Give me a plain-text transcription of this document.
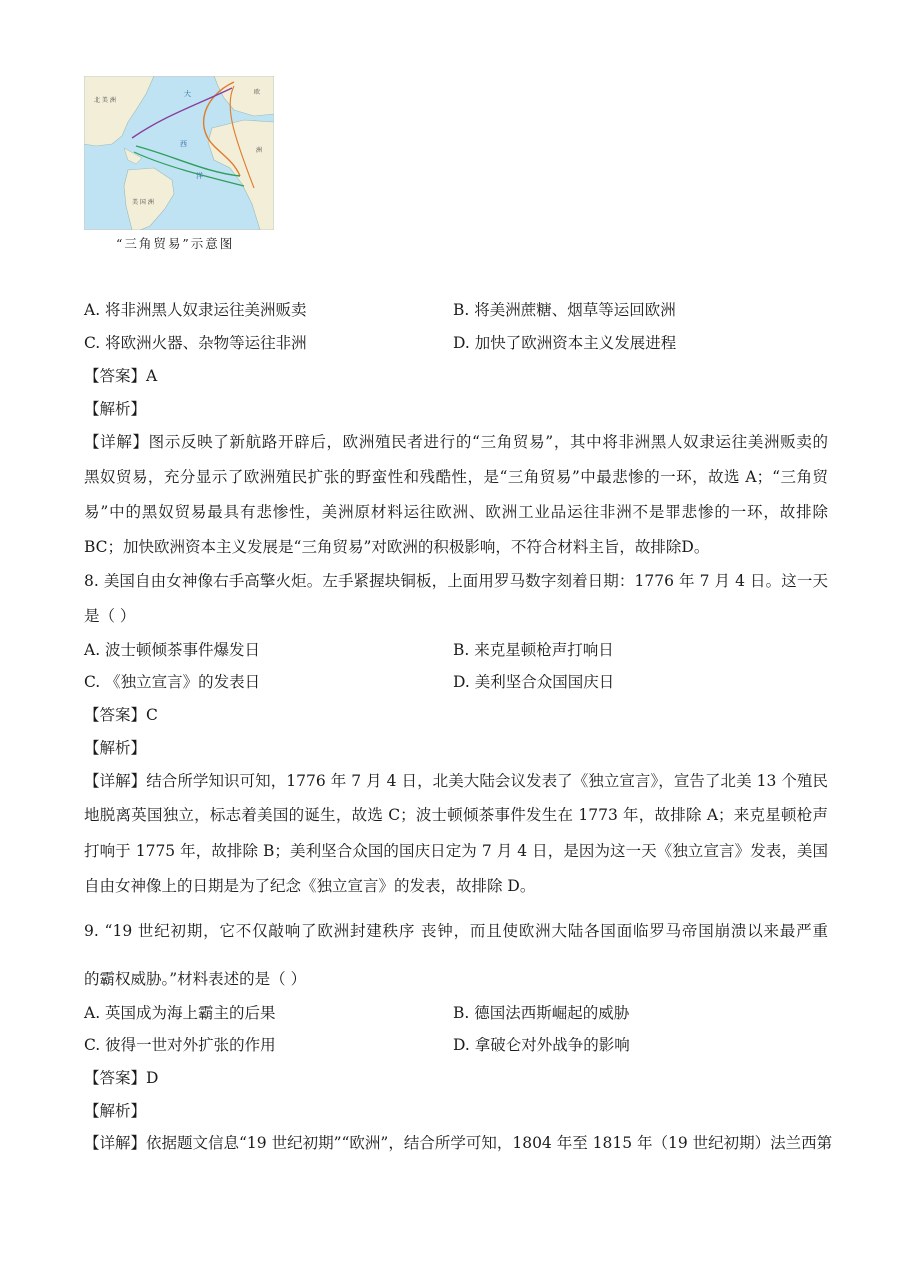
北 美 洲
美 国 洲
大
西
洋
欧
洲
“三角贸易”示意图
A. 将非洲黑人奴隶运往美洲贩卖	B. 将美洲蔗糖、烟草等运回欧洲
C. 将欧洲火器、杂物等运往非洲	D. 加快了欧洲资本主义发展进程
【答案】A
【解析】
【详解】图示反映了新航路开辟后，欧洲殖民者进行的“三角贸易”，其中将非洲黑人奴隶运往美洲贩卖的
黑奴贸易，充分显示了欧洲殖民扩张的野蛮性和残酷性，是“三角贸易”中最悲惨的一环，故选 A；“三角贸
易”中的黑奴贸易最具有悲惨性，美洲原材料运往欧洲、欧洲工业品运往非洲不是罪悲惨的一环，故排除
BC；加快欧洲资本主义发展是“三角贸易”对欧洲的积极影响，不符合材料主旨，故排除D。
8. 美国自由女神像右手高擎火炬。左手紧握块铜板，上面用罗马数字刻着日期：1776 年 7 月 4 日。这一天
是（ ）
A. 波士顿倾茶事件爆发日	B. 来克星顿枪声打响日
C. 《独立宣言》的发表日	D. 美利坚合众国国庆日
【答案】C
【解析】
【详解】结合所学知识可知，1776 年 7 月 4 日，北美大陆会议发表了《独立宣言》，宣告了北美 13 个殖民
地脱离英国独立，标志着美国的诞生，故选 C；波士顿倾茶事件发生在 1773 年，故排除 A；来克星顿枪声
打响于 1775 年，故排除 B；美利坚合众国的国庆日定为 7 月 4 日，是因为这一天《独立宣言》发表，美国
自由女神像上的日期是为了纪念《独立宣言》的发表，故排除 D。
9. “19 世纪初期，它不仅敲响了欧洲封建秩序 丧钟，而且使欧洲大陆各国面临罗马帝国崩溃以来最严重
的霸权威胁。”材料表述的是（ ）
A. 英国成为海上霸主的后果	B. 德国法西斯崛起的威胁
C. 彼得一世对外扩张的作用	D. 拿破仑对外战争的影响
【答案】D
【解析】
【详解】依据题文信息“19 世纪初期”“欧洲”，结合所学可知，1804 年至 1815 年（19 世纪初期）法兰西第
